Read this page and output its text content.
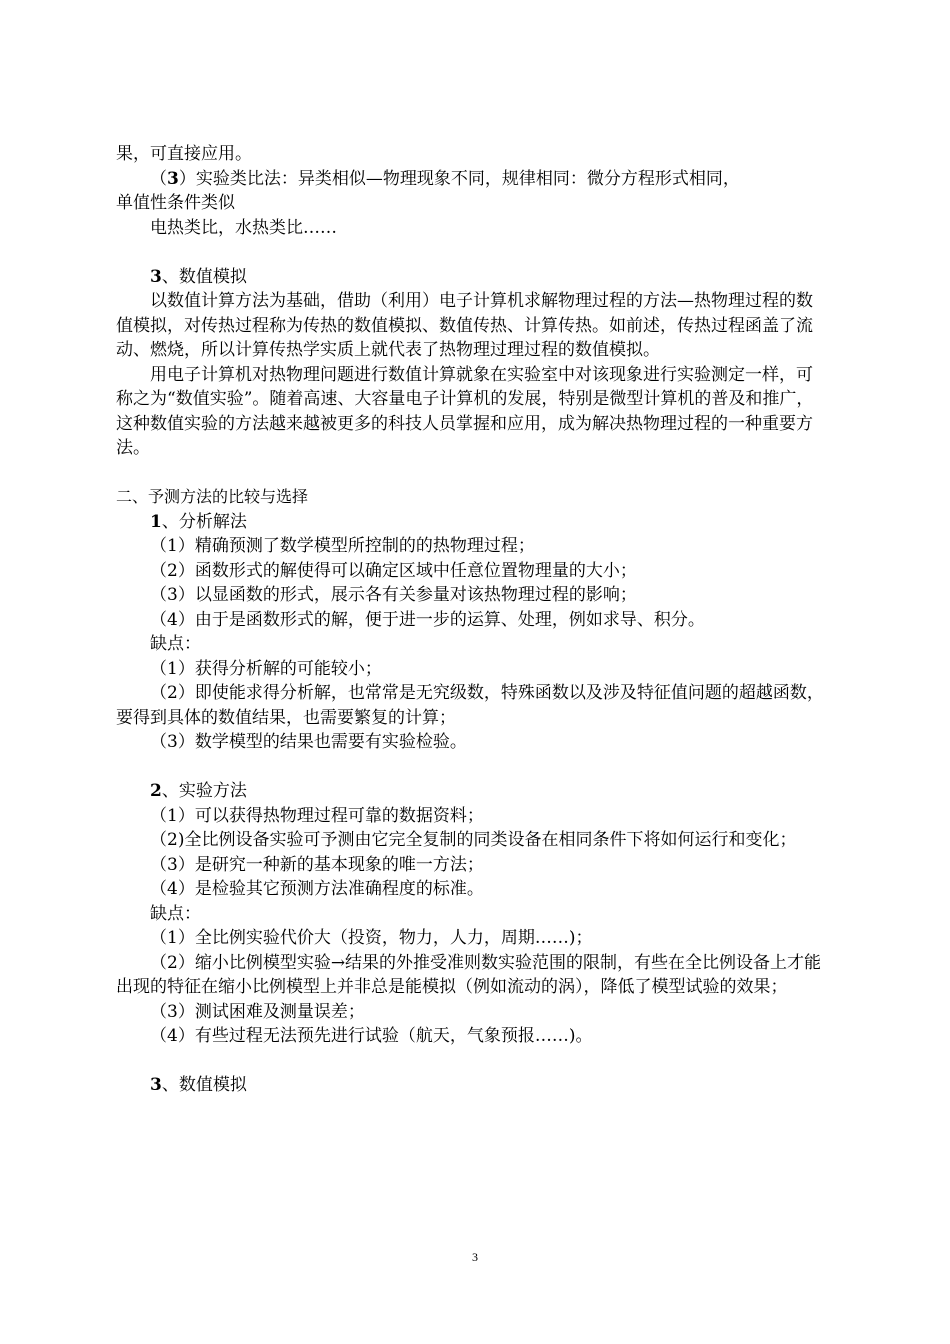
果，可直接应用。
（3）实验类比法：异类相似—物理现象不同，规律相同：微分方程形式相同，
单值性条件类似
电热类比，水热类比……
3、数值模拟
以数值计算方法为基础，借助（利用）电子计算机求解物理过程的方法—热物理过程的数值模拟，对传热过程称为传热的数值模拟、数值传热、计算传热。如前述，传热过程函盖了流动、燃烧，所以计算传热学实质上就代表了热物理过理过程的数值模拟。
用电子计算机对热物理问题进行数值计算就象在实验室中对该现象进行实验测定一样，可称之为“数值实验”。随着高速、大容量电子计算机的发展，特别是微型计算机的普及和推广，这种数值实验的方法越来越被更多的科技人员掌握和应用，成为解决热物理过程的一种重要方法。
二、予测方法的比较与选择
1、分析解法
（1）精确预测了数学模型所控制的的热物理过程；
（2）函数形式的解使得可以确定区域中任意位置物理量的大小；
（3）以显函数的形式，展示各有关参量对该热物理过程的影响；
（4）由于是函数形式的解，便于进一步的运算、处理，例如求导、积分。
缺点：
（1）获得分析解的可能较小；
（2）即使能求得分析解，也常常是无究级数，特殊函数以及涉及特征值问题的超越函数，要得到具体的数值结果，也需要繁复的计算；
（3）数学模型的结果也需要有实验检验。
2、实验方法
（1）可以获得热物理过程可靠的数据资料；
（2)全比例设备实验可予测由它完全复制的同类设备在相同条件下将如何运行和变化；
（3）是研究一种新的基本现象的唯一方法；
（4）是检验其它预测方法准确程度的标准。
缺点：
（1）全比例实验代价大（投资，物力，人力，周期……)；
（2）缩小比例模型实验→结果的外推受准则数实验范围的限制，有些在全比例设备上才能出现的特征在缩小比例模型上并非总是能模拟（例如流动的涡），降低了模型试验的效果；
（3）测试困难及测量误差；
（4）有些过程无法预先进行试验（航天，气象预报……)。
3、数值模拟
3
